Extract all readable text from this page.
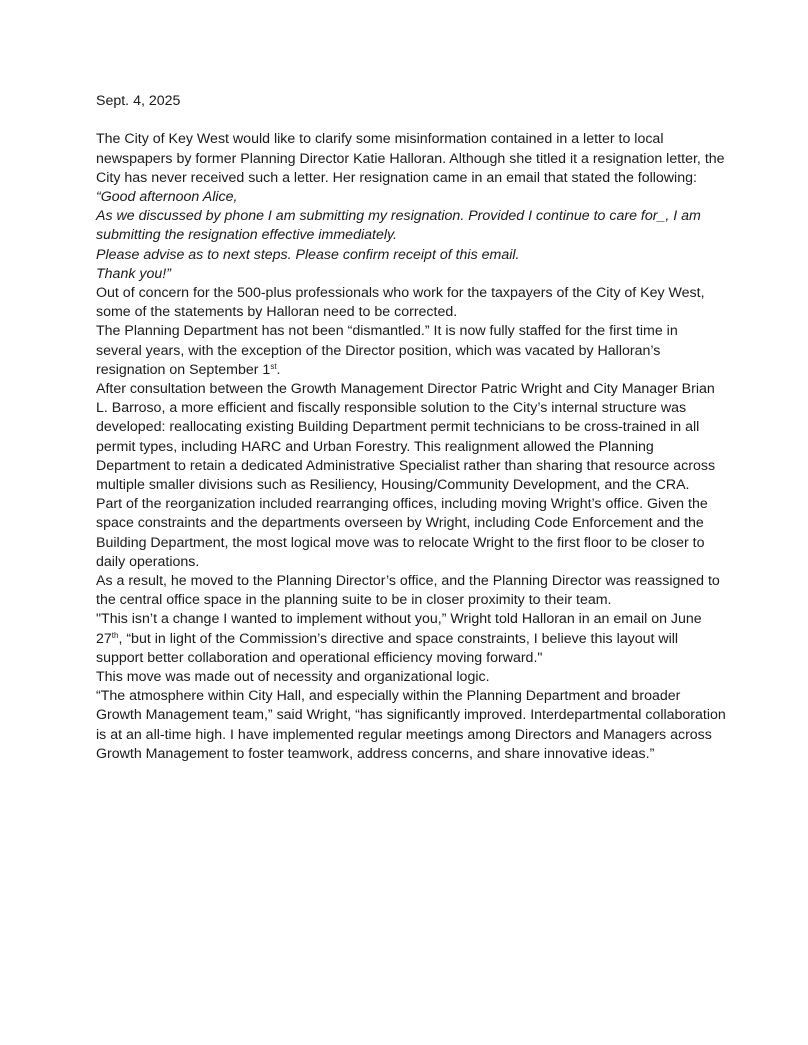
Sept. 4, 2025

The City of Key West would like to clarify some misinformation contained in a letter to local newspapers by former Planning Director Katie Halloran. Although she titled it a resignation letter, the City has never received such a letter. Her resignation came in an email that stated the following:

“Good afternoon Alice,

As we discussed by phone I am submitting my resignation. Provided I continue to care for_, I am submitting the resignation effective immediately.

Please advise as to next steps. Please confirm receipt of this email.

Thank you!”

Out of concern for the 500-plus professionals who work for the taxpayers of the City of Key West, some of the statements by Halloran need to be corrected.

The Planning Department has not been “dismantled.” It is now fully staffed for the first time in several years, with the exception of the Director position, which was vacated by Halloran’s resignation on September 1st.

After consultation between the Growth Management Director Patric Wright and City Manager Brian L. Barroso, a more efficient and fiscally responsible solution to the City’s internal structure was developed: reallocating existing Building Department permit technicians to be cross-trained in all permit types, including HARC and Urban Forestry. This realignment allowed the Planning Department to retain a dedicated Administrative Specialist rather than sharing that resource across multiple smaller divisions such as Resiliency, Housing/Community Development, and the CRA.

Part of the reorganization included rearranging offices, including moving Wright’s office. Given the space constraints and the departments overseen by Wright, including Code Enforcement and the Building Department, the most logical move was to relocate Wright to the first floor to be closer to daily operations.

As a result, he moved to the Planning Director’s office, and the Planning Director was reassigned to the central office space in the planning suite to be in closer proximity to their team.

"This isn’t a change I wanted to implement without you,” Wright told Halloran in an email on June 27th, “but in light of the Commission’s directive and space constraints, I believe this layout will support better collaboration and operational efficiency moving forward."

This move was made out of necessity and organizational logic.

“The atmosphere within City Hall, and especially within the Planning Department and broader Growth Management team,” said Wright, “has significantly improved. Interdepartmental collaboration is at an all-time high. I have implemented regular meetings among Directors and Managers across Growth Management to foster teamwork, address concerns, and share innovative ideas.”
